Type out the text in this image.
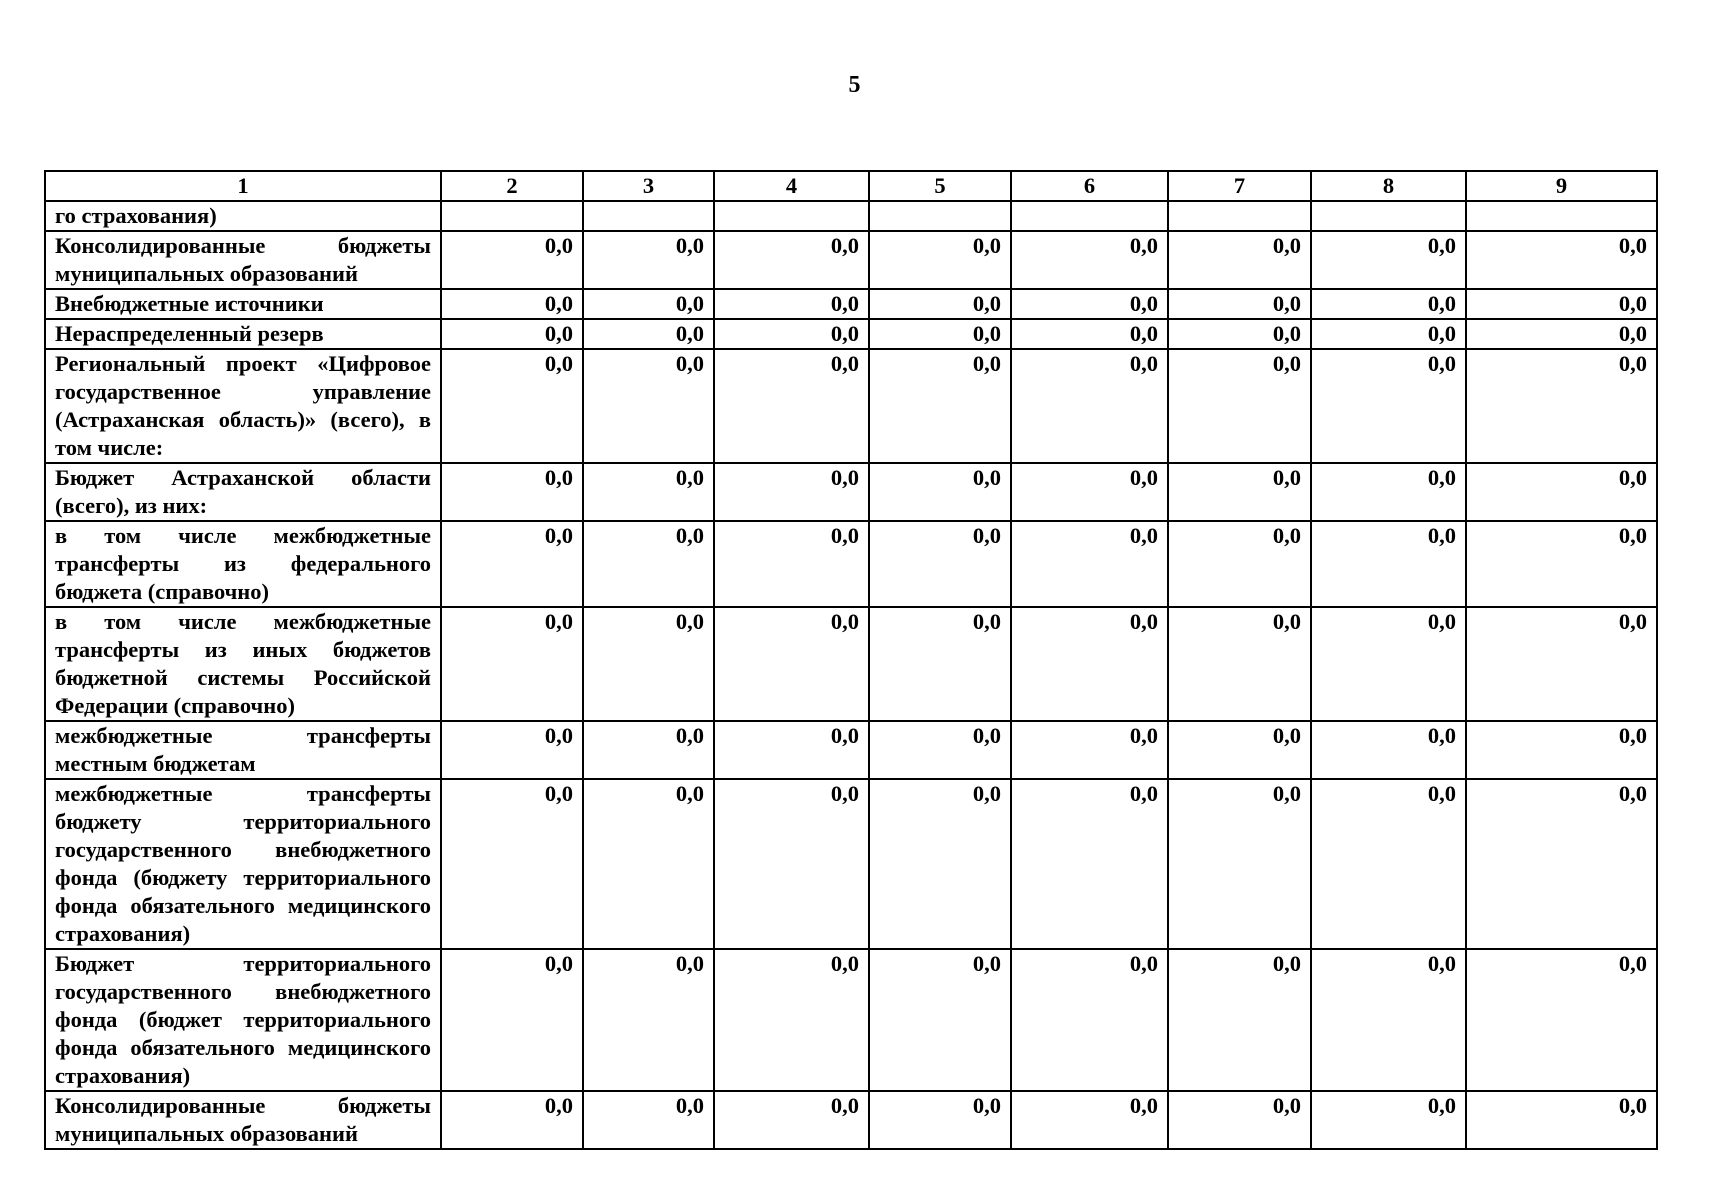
5
1	2	3	4	5	6	7	8	9

го страхования)								

Консолидированные бюджеты муниципальных образований	0,0	0,0	0,0	0,0	0,0	0,0	0,0	0,0

Внебюджетные источники	0,0	0,0	0,0	0,0	0,0	0,0	0,0	0,0

Нераспределенный резерв	0,0	0,0	0,0	0,0	0,0	0,0	0,0	0,0

Региональный проект «Цифровое государственное управление (Астраханская область)» (всего), в том числе:	0,0	0,0	0,0	0,0	0,0	0,0	0,0	0,0

Бюджет Астраханской области (всего), из них:	0,0	0,0	0,0	0,0	0,0	0,0	0,0	0,0

в том числе межбюджетные трансферты из федерального бюджета (справочно)	0,0	0,0	0,0	0,0	0,0	0,0	0,0	0,0

в том числе межбюджетные трансферты из иных бюджетов бюджетной системы Российской Федерации (справочно)	0,0	0,0	0,0	0,0	0,0	0,0	0,0	0,0

межбюджетные трансферты местным бюджетам	0,0	0,0	0,0	0,0	0,0	0,0	0,0	0,0

межбюджетные трансферты бюджету территориального государственного внебюджетного фонда (бюджету территориального фонда обязательного медицинского страхования)	0,0	0,0	0,0	0,0	0,0	0,0	0,0	0,0

Бюджет территориального государственного внебюджетного фонда (бюджет территориального фонда обязательного медицинского страхования)	0,0	0,0	0,0	0,0	0,0	0,0	0,0	0,0

Консолидированные бюджеты муниципальных образований	0,0	0,0	0,0	0,0	0,0	0,0	0,0	0,0
